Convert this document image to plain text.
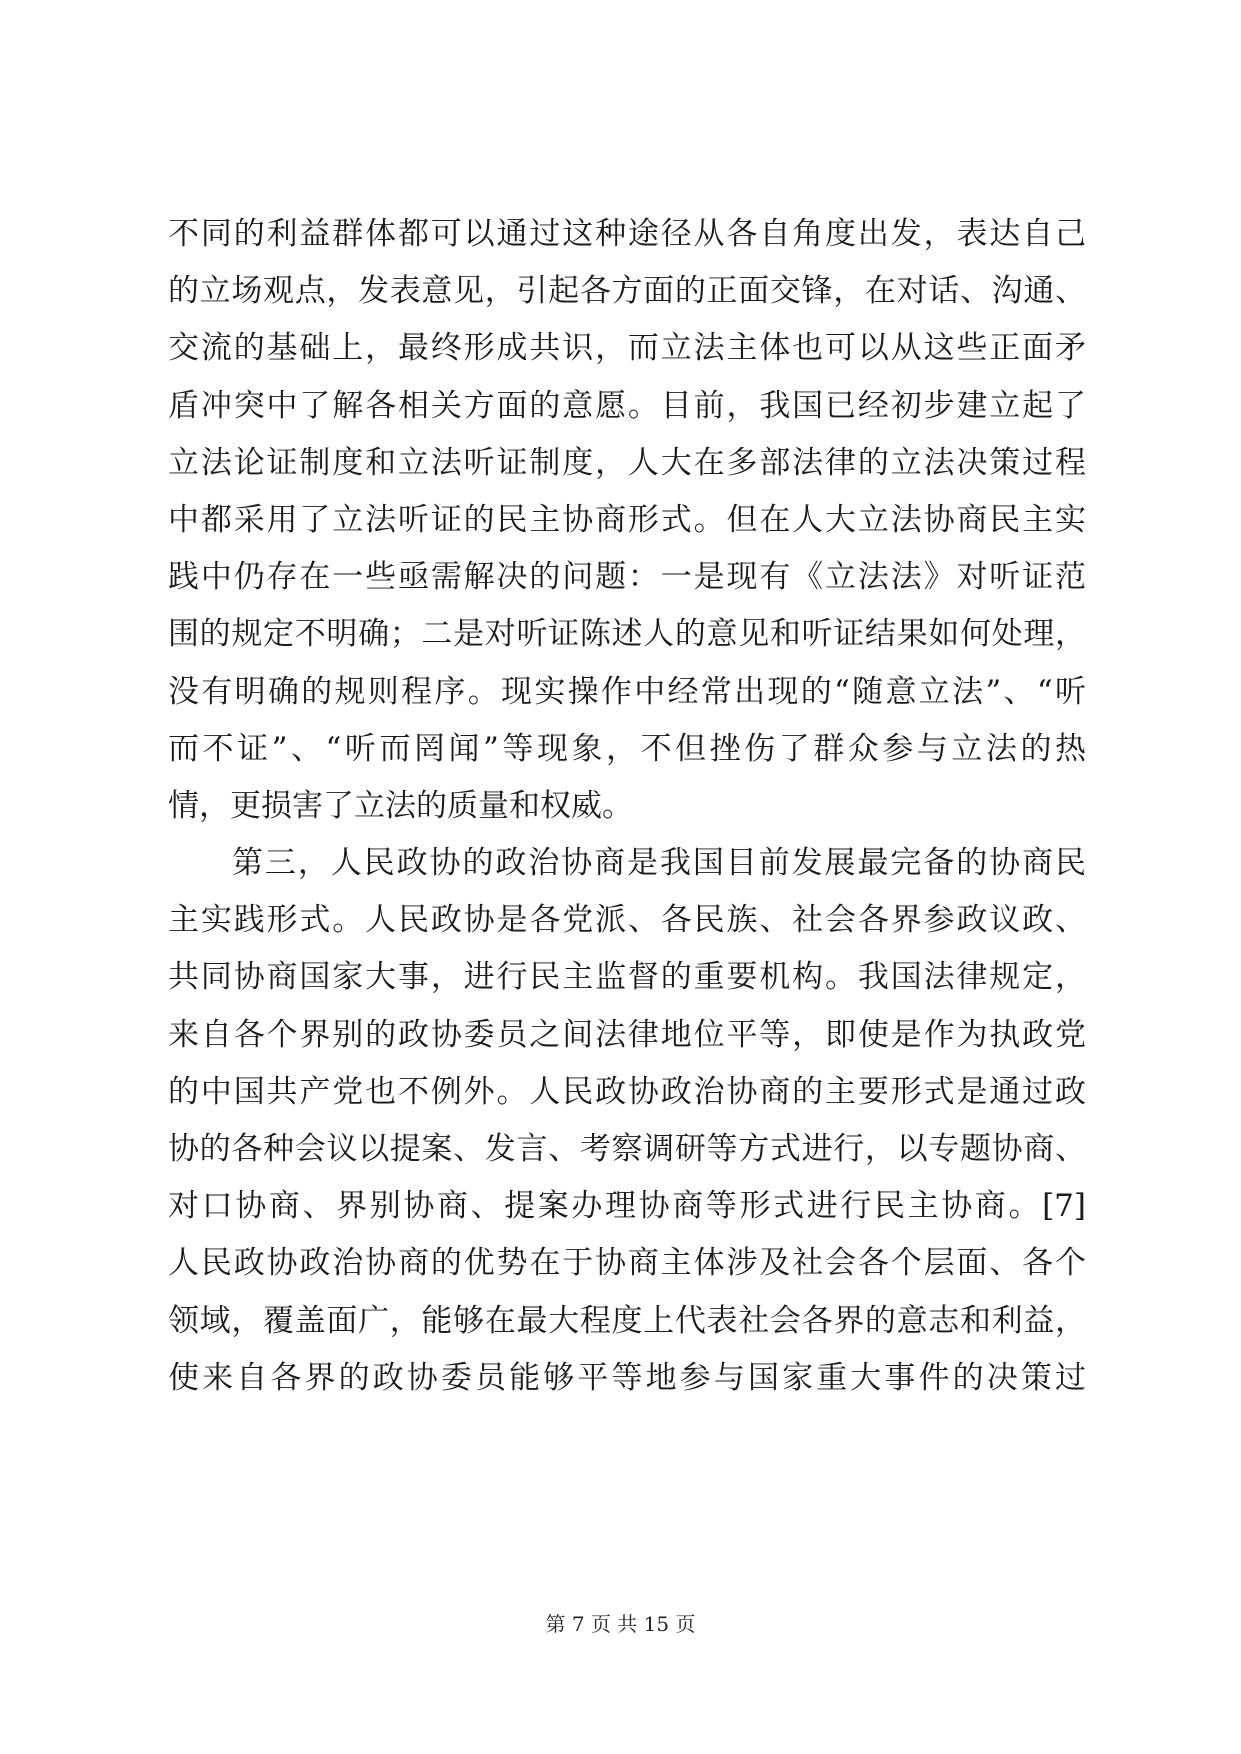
不同的利益群体都可以通过这种途径从各自角度出发，表达自己
的立场观点，发表意见，引起各方面的正面交锋，在对话、沟通、
交流的基础上，最终形成共识，而立法主体也可以从这些正面矛
盾冲突中了解各相关方面的意愿。目前，我国已经初步建立起了
立法论证制度和立法听证制度，人大在多部法律的立法决策过程
中都采用了立法听证的民主协商形式。但在人大立法协商民主实
践中仍存在一些亟需解决的问题：一是现有《立法法》对听证范
围的规定不明确；二是对听证陈述人的意见和听证结果如何处理，
没有明确的规则程序。现实操作中经常出现的“随意立法”、“听
而不证”、“听而罔闻”等现象，不但挫伤了群众参与立法的热
情，更损害了立法的质量和权威。
第三，人民政协的政治协商是我国目前发展最完备的协商民
主实践形式。人民政协是各党派、各民族、社会各界参政议政、
共同协商国家大事，进行民主监督的重要机构。我国法律规定，
来自各个界别的政协委员之间法律地位平等，即使是作为执政党
的中国共产党也不例外。人民政协政治协商的主要形式是通过政
协的各种会议以提案、发言、考察调研等方式进行，以专题协商、
对口协商、界别协商、提案办理协商等形式进行民主协商。[7]
人民政协政治协商的优势在于协商主体涉及社会各个层面、各个
领域，覆盖面广，能够在最大程度上代表社会各界的意志和利益，
使来自各界的政协委员能够平等地参与国家重大事件的决策过
第 7 页 共 15 页
